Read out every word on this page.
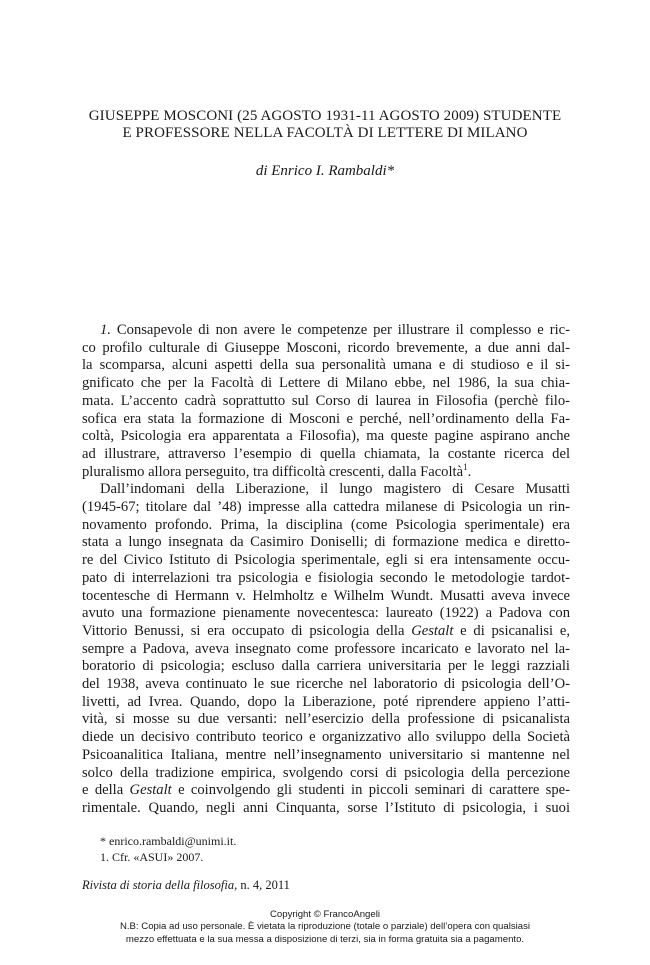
GIUSEPPE MOSCONI (25 AGOSTO 1931-11 AGOSTO 2009) STUDENTE
E PROFESSORE NELLA FACOLTÀ DI LETTERE DI MILANO
di Enrico I. Rambaldi*
1. Consapevole di non avere le competenze per illustrare il complesso e ric-
co profilo culturale di Giuseppe Mosconi, ricordo brevemente, a due anni dal-
la scomparsa, alcuni aspetti della sua personalità umana e di studioso e il si-
gnificato che per la Facoltà di Lettere di Milano ebbe, nel 1986, la sua chia-
mata. L’accento cadrà soprattutto sul Corso di laurea in Filosofia (perchè filo-
sofica era stata la formazione di Mosconi e perché, nell’ordinamento della Fa-
coltà, Psicologia era apparentata a Filosofia), ma queste pagine aspirano anche
ad illustrare, attraverso l’esempio di quella chiamata, la costante ricerca del
pluralismo allora perseguito, tra difficoltà crescenti, dalla Facoltà$^1$.
Dall’indomani della Liberazione, il lungo magistero di Cesare Musatti
(1945-67; titolare dal ’48) impresse alla cattedra milanese di Psicologia un rin-
novamento profondo. Prima, la disciplina (come Psicologia sperimentale) era
stata a lungo insegnata da Casimiro Doniselli; di formazione medica e diretto-
re del Civico Istituto di Psicologia sperimentale, egli si era intensamente occu-
pato di interrelazioni tra psicologia e fisiologia secondo le metodologie tardot-
tocentesche di Hermann v. Helmholtz e Wilhelm Wundt. Musatti aveva invece
avuto una formazione pienamente novecentesca: laureato (1922) a Padova con
Vittorio Benussi, si era occupato di psicologia della Gestalt e di psicanalisi e,
sempre a Padova, aveva insegnato come professore incaricato e lavorato nel la-
boratorio di psicologia; escluso dalla carriera universitaria per le leggi razziali
del 1938, aveva continuato le sue ricerche nel laboratorio di psicologia dell’O-
livetti, ad Ivrea. Quando, dopo la Liberazione, poté riprendere appieno l’atti-
vità, si mosse su due versanti: nell’esercizio della professione di psicanalista
diede un decisivo contributo teorico e organizzativo allo sviluppo della Società
Psicoanalitica Italiana, mentre nell’insegnamento universitario si mantenne nel
solco della tradizione empirica, svolgendo corsi di psicologia della percezione
e della Gestalt e coinvolgendo gli studenti in piccoli seminari di carattere spe-
rimentale. Quando, negli anni Cinquanta, sorse l’Istituto di psicologia, i suoi
* enrico.rambaldi@unimi.it.
1. Cfr. «ASUI» 2007.
Rivista di storia della filosofia, n. 4, 2011
Copyright © FrancoAngeli
N.B: Copia ad uso personale. È vietata la riproduzione (totale o parziale) dell’opera con qualsiasi
mezzo effettuata e la sua messa a disposizione di terzi, sia in forma gratuita sia a pagamento.
